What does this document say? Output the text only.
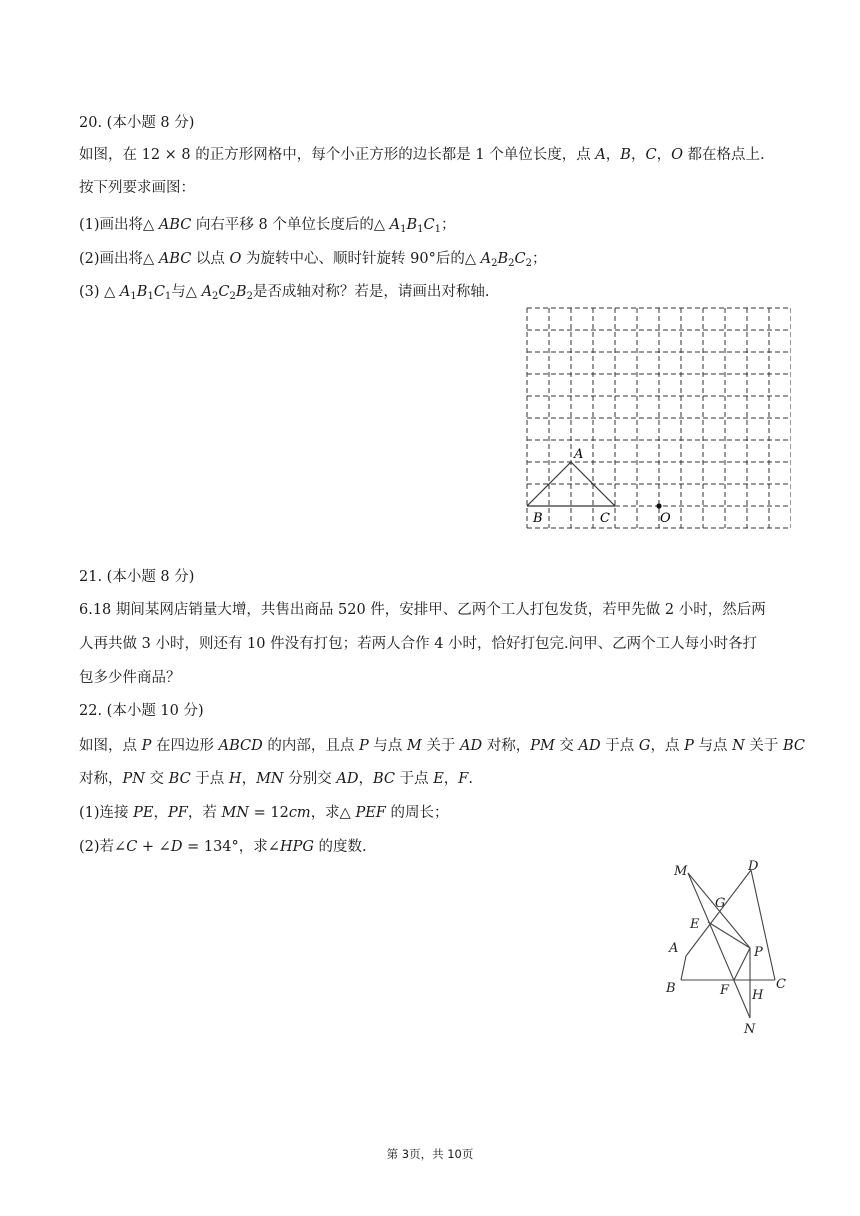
20. (本小题 8 分)
如图，在 12 × 8 的正方形网格中，每个小正方形的边长都是 1 个单位长度，点 A，B，C，O 都在格点上.
按下列要求画图：
(1)画出将△ ABC 向右平移 8 个单位长度后的△ $A_1B_1C_1$；
(2)画出将△ ABC 以点 O 为旋转中心、顺时针旋转 90°后的△ $A_2B_2C_2$；
(3) △ $A_1B_1C_1$与△ $A_2C_2B_2$是否成轴对称？若是，请画出对称轴.
A
B	C	O
21. (本小题 8 分)
6.18 期间某网店销量大增，共售出商品 520 件，安排甲、乙两个工人打包发货，若甲先做 2 小时，然后两
人再共做 3 小时，则还有 10 件没有打包；若两人合作 4 小时，恰好打包完.问甲、乙两个工人每小时各打
包多少件商品？
22. (本小题 10 分)
如图，点 P 在四边形 ABCD 的内部，且点 P 与点 M 关于 AD 对称，PM 交 AD 于点 G，点 P 与点 N 关于 BC
对称，PN 交 BC 于点 H，MN 分别交 AD，BC 于点 E，F.
(1)连接 PE，PF，若 MN = 12cm，求△ PEF 的周长；
(2)若∠C + ∠D = 134°，求∠HPG 的度数.
M	D
G
E
A	P
B	F H
C
N
第 3页，共 10页
